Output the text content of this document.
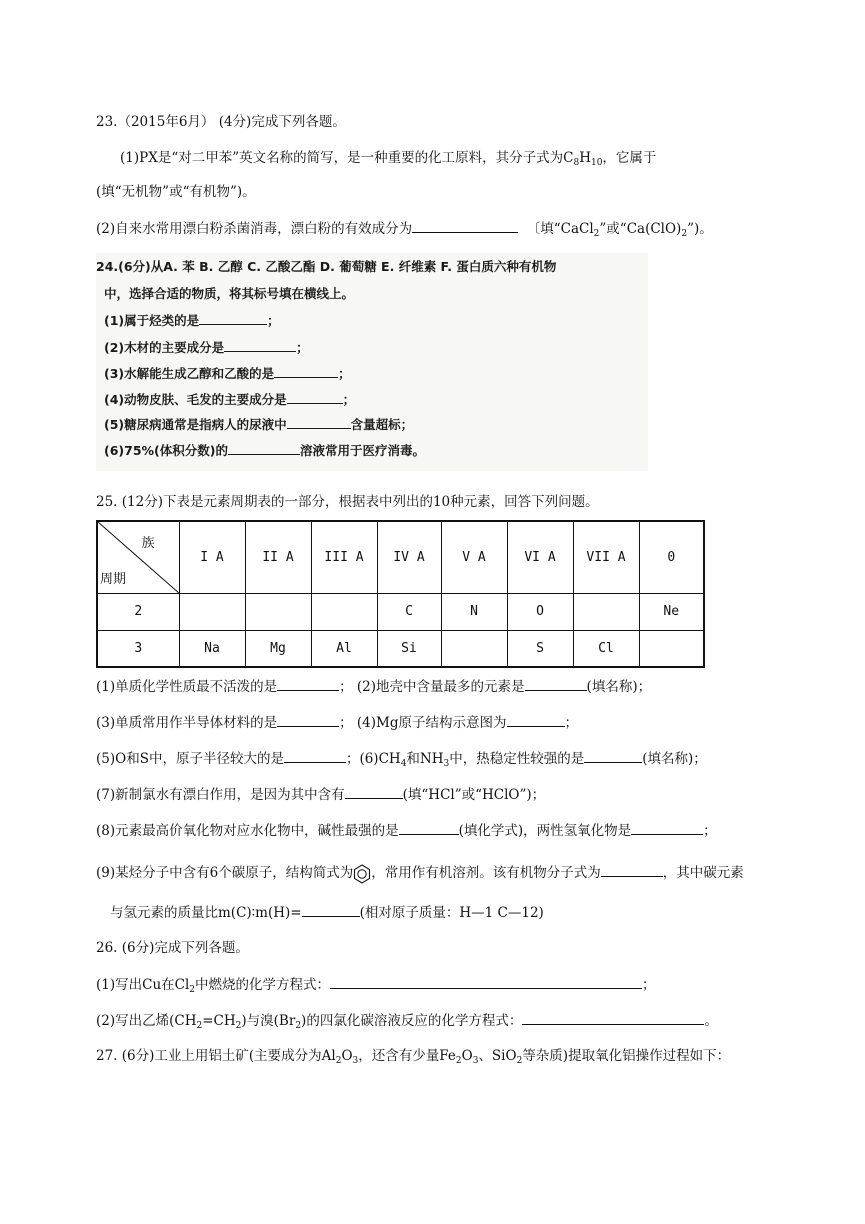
23.（2015年6月） (4分)完成下列各题。
(1)PX是“对二甲苯”英文名称的简写，是一种重要的化工原料，其分子式为$C_8H_{10}$，它属于
(填“无机物”或“有机物”)。
(2)自来水常用漂白粉杀菌消毒，漂白粉的有效成分为	〔填“CaCl$_2$”或“$Ca(ClO)_2$”)。
24.(6分)从A. 苯 B. 乙醇 C. 乙酸乙酯 D. 葡萄糖 E. 纤维素 F. 蛋白质六种有机物
中，选择合适的物质，将其标号填在横线上。
(1)属于烃类的是	；
(2)木材的主要成分是	；
(3)水解能生成乙醇和乙酸的是	；
(4)动物皮肤、毛发的主要成分是	；
(5)糖尿病通常是指病人的尿液中	含量超标；
(6)75%(体积分数)的	溶液常用于医疗消毒。
25. (12分)下表是元素周期表的一部分，根据表中列出的10种元素，回答下列问题。
族
周期	I A	II A	III A	IV A	V A	VI A	VII A	0
2				C	N	O		Ne
3	Na	Mg	Al	Si		S	Cl	
(1)单质化学性质最不活泼的是	； (2)地壳中含量最多的元素是	(填名称)；
(3)单质常用作半导体材料的是	； (4)Mg原子结构示意图为	；
(5)O和S中，原子半径较大的是	；$(6)CH_4$和$NH_3$中，热稳定性较强的是	(填名称)；
(7)新制氯水有漂白作用，是因为其中含有	(填“HCl”或“HClO”)；
(8)元素最高价氧化物对应水化物中，碱性最强的是	(填化学式)，两性氢氧化物是	；
(9)某烃分子中含有6个碳原子，结构简式为 ，常用作有机溶剂。该有机物分子式为	，其中碳元素
与氢元素的质量比m(C)∶m(H)=	(相对原子质量：H—1 C—12)
26. (6分)完成下列各题。
(1)写出Cu在$Cl_2$中燃烧的化学方程式：	；
(2)写出乙烯$(CH_2=CH_2)$与溴$(Br_2)$的四氯化碳溶液反应的化学方程式：	。
27. (6分)工业上用铝土矿(主要成分为$Al_2O_3$，还含有少量$Fe_2O_3$、SiO$_2$等杂质)提取氧化铝操作过程如下：
